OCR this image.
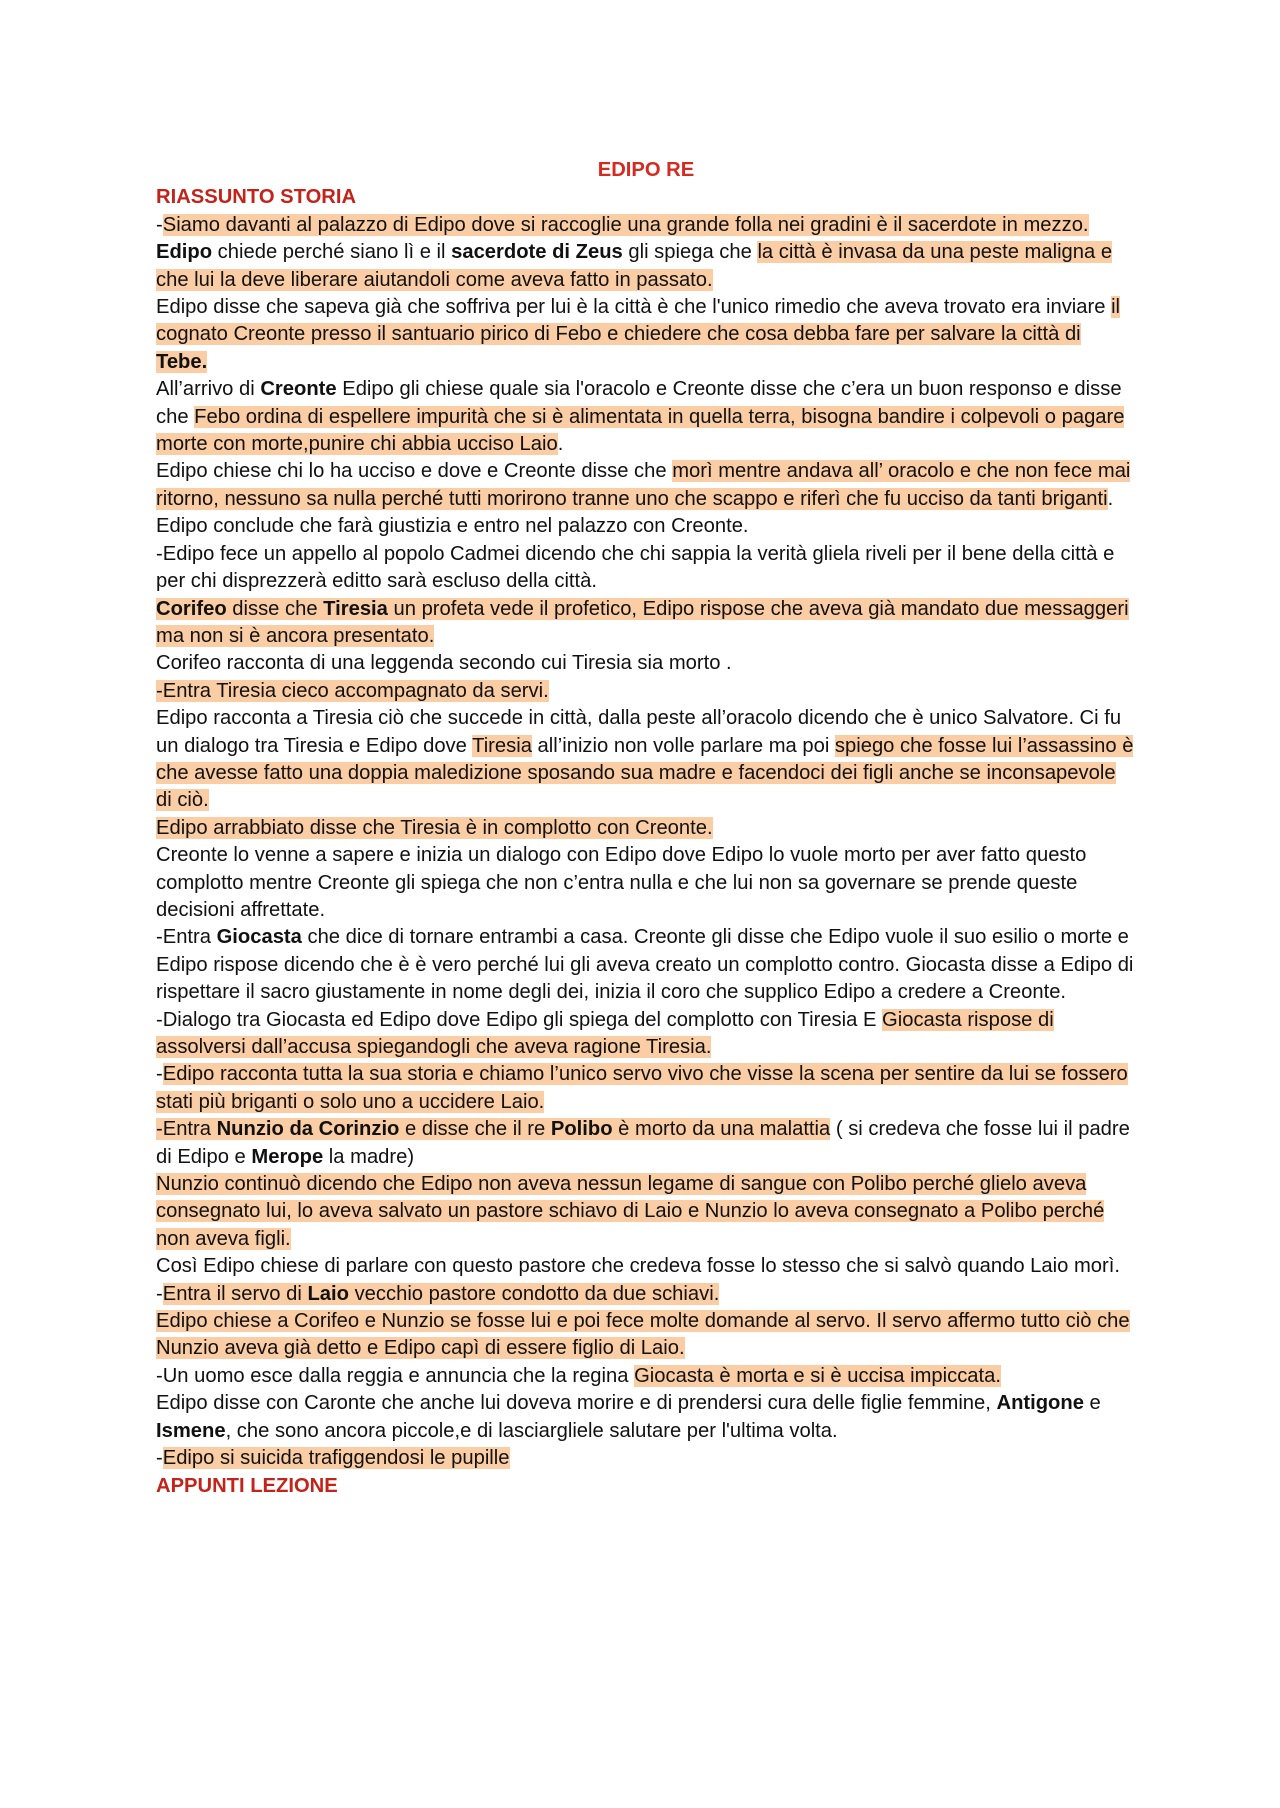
EDIPO RE
RIASSUNTO STORIA

-Siamo davanti al palazzo di Edipo dove si raccoglie una grande folla nei gradini è il sacerdote in mezzo.

Edipo chiede perché siano lì e il sacerdote di Zeus gli spiega che la città è invasa da una peste maligna e che lui la deve liberare aiutandoli come aveva fatto in passato.

Edipo disse che sapeva già che soffriva per lui è la città è che l'unico rimedio che aveva trovato era inviare il cognato Creonte presso il santuario pirico di Febo e chiedere che cosa debba fare per salvare la città di Tebe.

All’arrivo di Creonte Edipo gli chiese quale sia l'oracolo e Creonte disse che c’era un buon responso e disse che Febo ordina di espellere impurità che si è alimentata in quella terra, bisogna bandire i colpevoli o pagare morte con morte,punire chi abbia ucciso Laio.

Edipo chiese chi lo ha ucciso e dove e Creonte disse che morì mentre andava all’ oracolo e che non fece mai ritorno, nessuno sa nulla perché tutti morirono tranne uno che scappo e riferì che fu ucciso da tanti briganti.

Edipo conclude che farà giustizia e entro nel palazzo con Creonte.

-Edipo fece un appello al popolo Cadmei dicendo che chi sappia la verità gliela riveli per il bene della città e per chi disprezzerà editto sarà escluso della città.

Corifeo disse che Tiresia un profeta vede il profetico, Edipo rispose che aveva già mandato due messaggeri ma non si è ancora presentato.

Corifeo racconta di una leggenda secondo cui Tiresia sia morto .

-Entra Tiresia cieco accompagnato da servi.

Edipo racconta a Tiresia ciò che succede in città, dalla peste all’oracolo dicendo che è unico Salvatore. Ci fu un dialogo tra Tiresia e Edipo dove Tiresia all’inizio non volle parlare ma poi spiego che fosse lui l’assassino è che avesse fatto una doppia maledizione sposando sua madre e facendoci dei figli anche se inconsapevole di ciò.

Edipo arrabbiato disse che Tiresia è in complotto con Creonte.

Creonte lo venne a sapere e inizia un dialogo con Edipo dove Edipo lo vuole morto per aver fatto questo complotto mentre Creonte gli spiega che non c’entra nulla e che lui non sa governare se prende queste decisioni affrettate.

-Entra Giocasta che dice di tornare entrambi a casa. Creonte gli disse che Edipo vuole il suo esilio o morte e Edipo rispose dicendo che è è vero perché lui gli aveva creato un complotto contro. Giocasta disse a Edipo di rispettare il sacro giustamente in nome degli dei, inizia il coro che supplico Edipo a credere a Creonte.

-Dialogo tra Giocasta ed Edipo dove Edipo gli spiega del complotto con Tiresia E Giocasta rispose di assolversi dall’accusa spiegandogli che aveva ragione Tiresia.

-Edipo racconta tutta la sua storia e chiamo l’unico servo vivo che visse la scena per sentire da lui se fossero stati più briganti o solo uno a uccidere Laio.

-Entra Nunzio da Corinzio e disse che il re Polibo è morto da una malattia ( si credeva che fosse lui il padre di Edipo e Merope la madre)

Nunzio continuò dicendo che Edipo non aveva nessun legame di sangue con Polibo perché glielo aveva consegnato lui, lo aveva salvato un pastore schiavo di Laio e Nunzio lo aveva consegnato a Polibo perché non aveva figli.

Così Edipo chiese di parlare con questo pastore che credeva fosse lo stesso che si salvò quando Laio morì.

-Entra il servo di Laio vecchio pastore condotto da due schiavi.

Edipo chiese a Corifeo e Nunzio se fosse lui e poi fece molte domande al servo. Il servo affermo tutto ciò che Nunzio aveva già detto e Edipo capì di essere figlio di Laio.

-Un uomo esce dalla reggia e annuncia che la regina Giocasta è morta e si è uccisa impiccata.

Edipo disse con Caronte che anche lui doveva morire e di prendersi cura delle figlie femmine, Antigone e Ismene, che sono ancora piccole,e di lasciargliele salutare per l'ultima volta.

-Edipo si suicida trafiggendosi le pupille

APPUNTI LEZIONE
